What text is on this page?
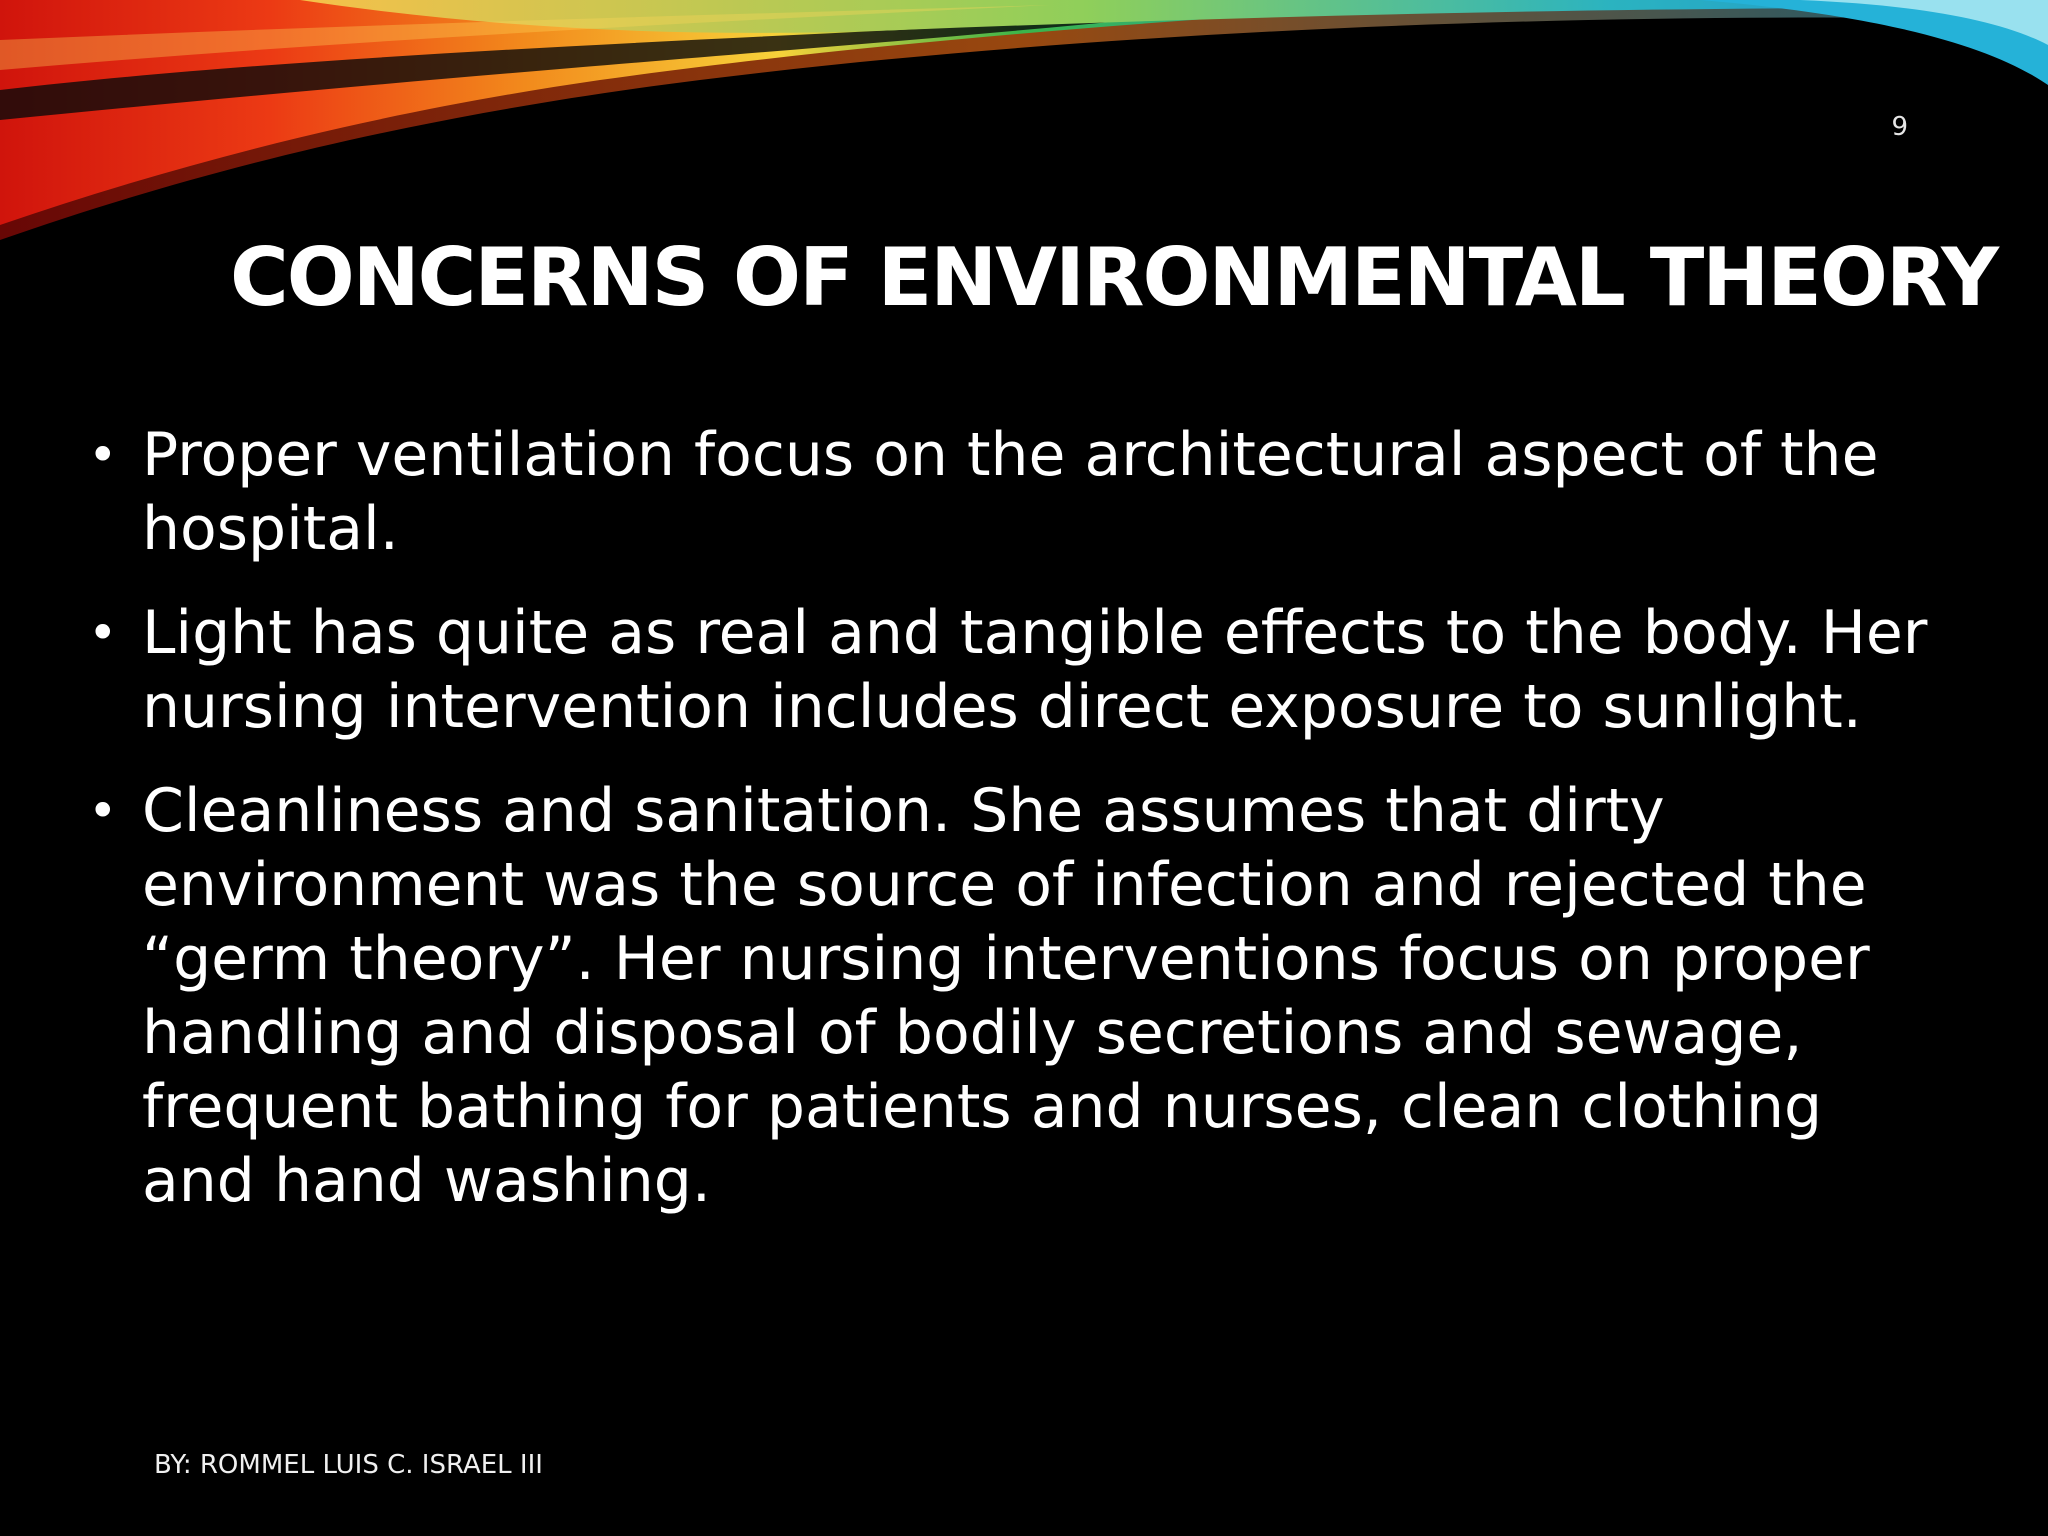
9
CONCERNS OF ENVIRONMENTAL THEORY
• Proper ventilation focus on the architectural aspect of the hospital.
• Light has quite as real and tangible effects to the body. Her nursing intervention includes direct exposure to sunlight.
• Cleanliness and sanitation. She assumes that dirty environment was the source of infection and rejected the “germ theory”. Her nursing interventions focus on proper handling and disposal of bodily secretions and sewage, frequent bathing for patients and nurses, clean clothing and hand washing.
BY: ROMMEL LUIS C. ISRAEL III
